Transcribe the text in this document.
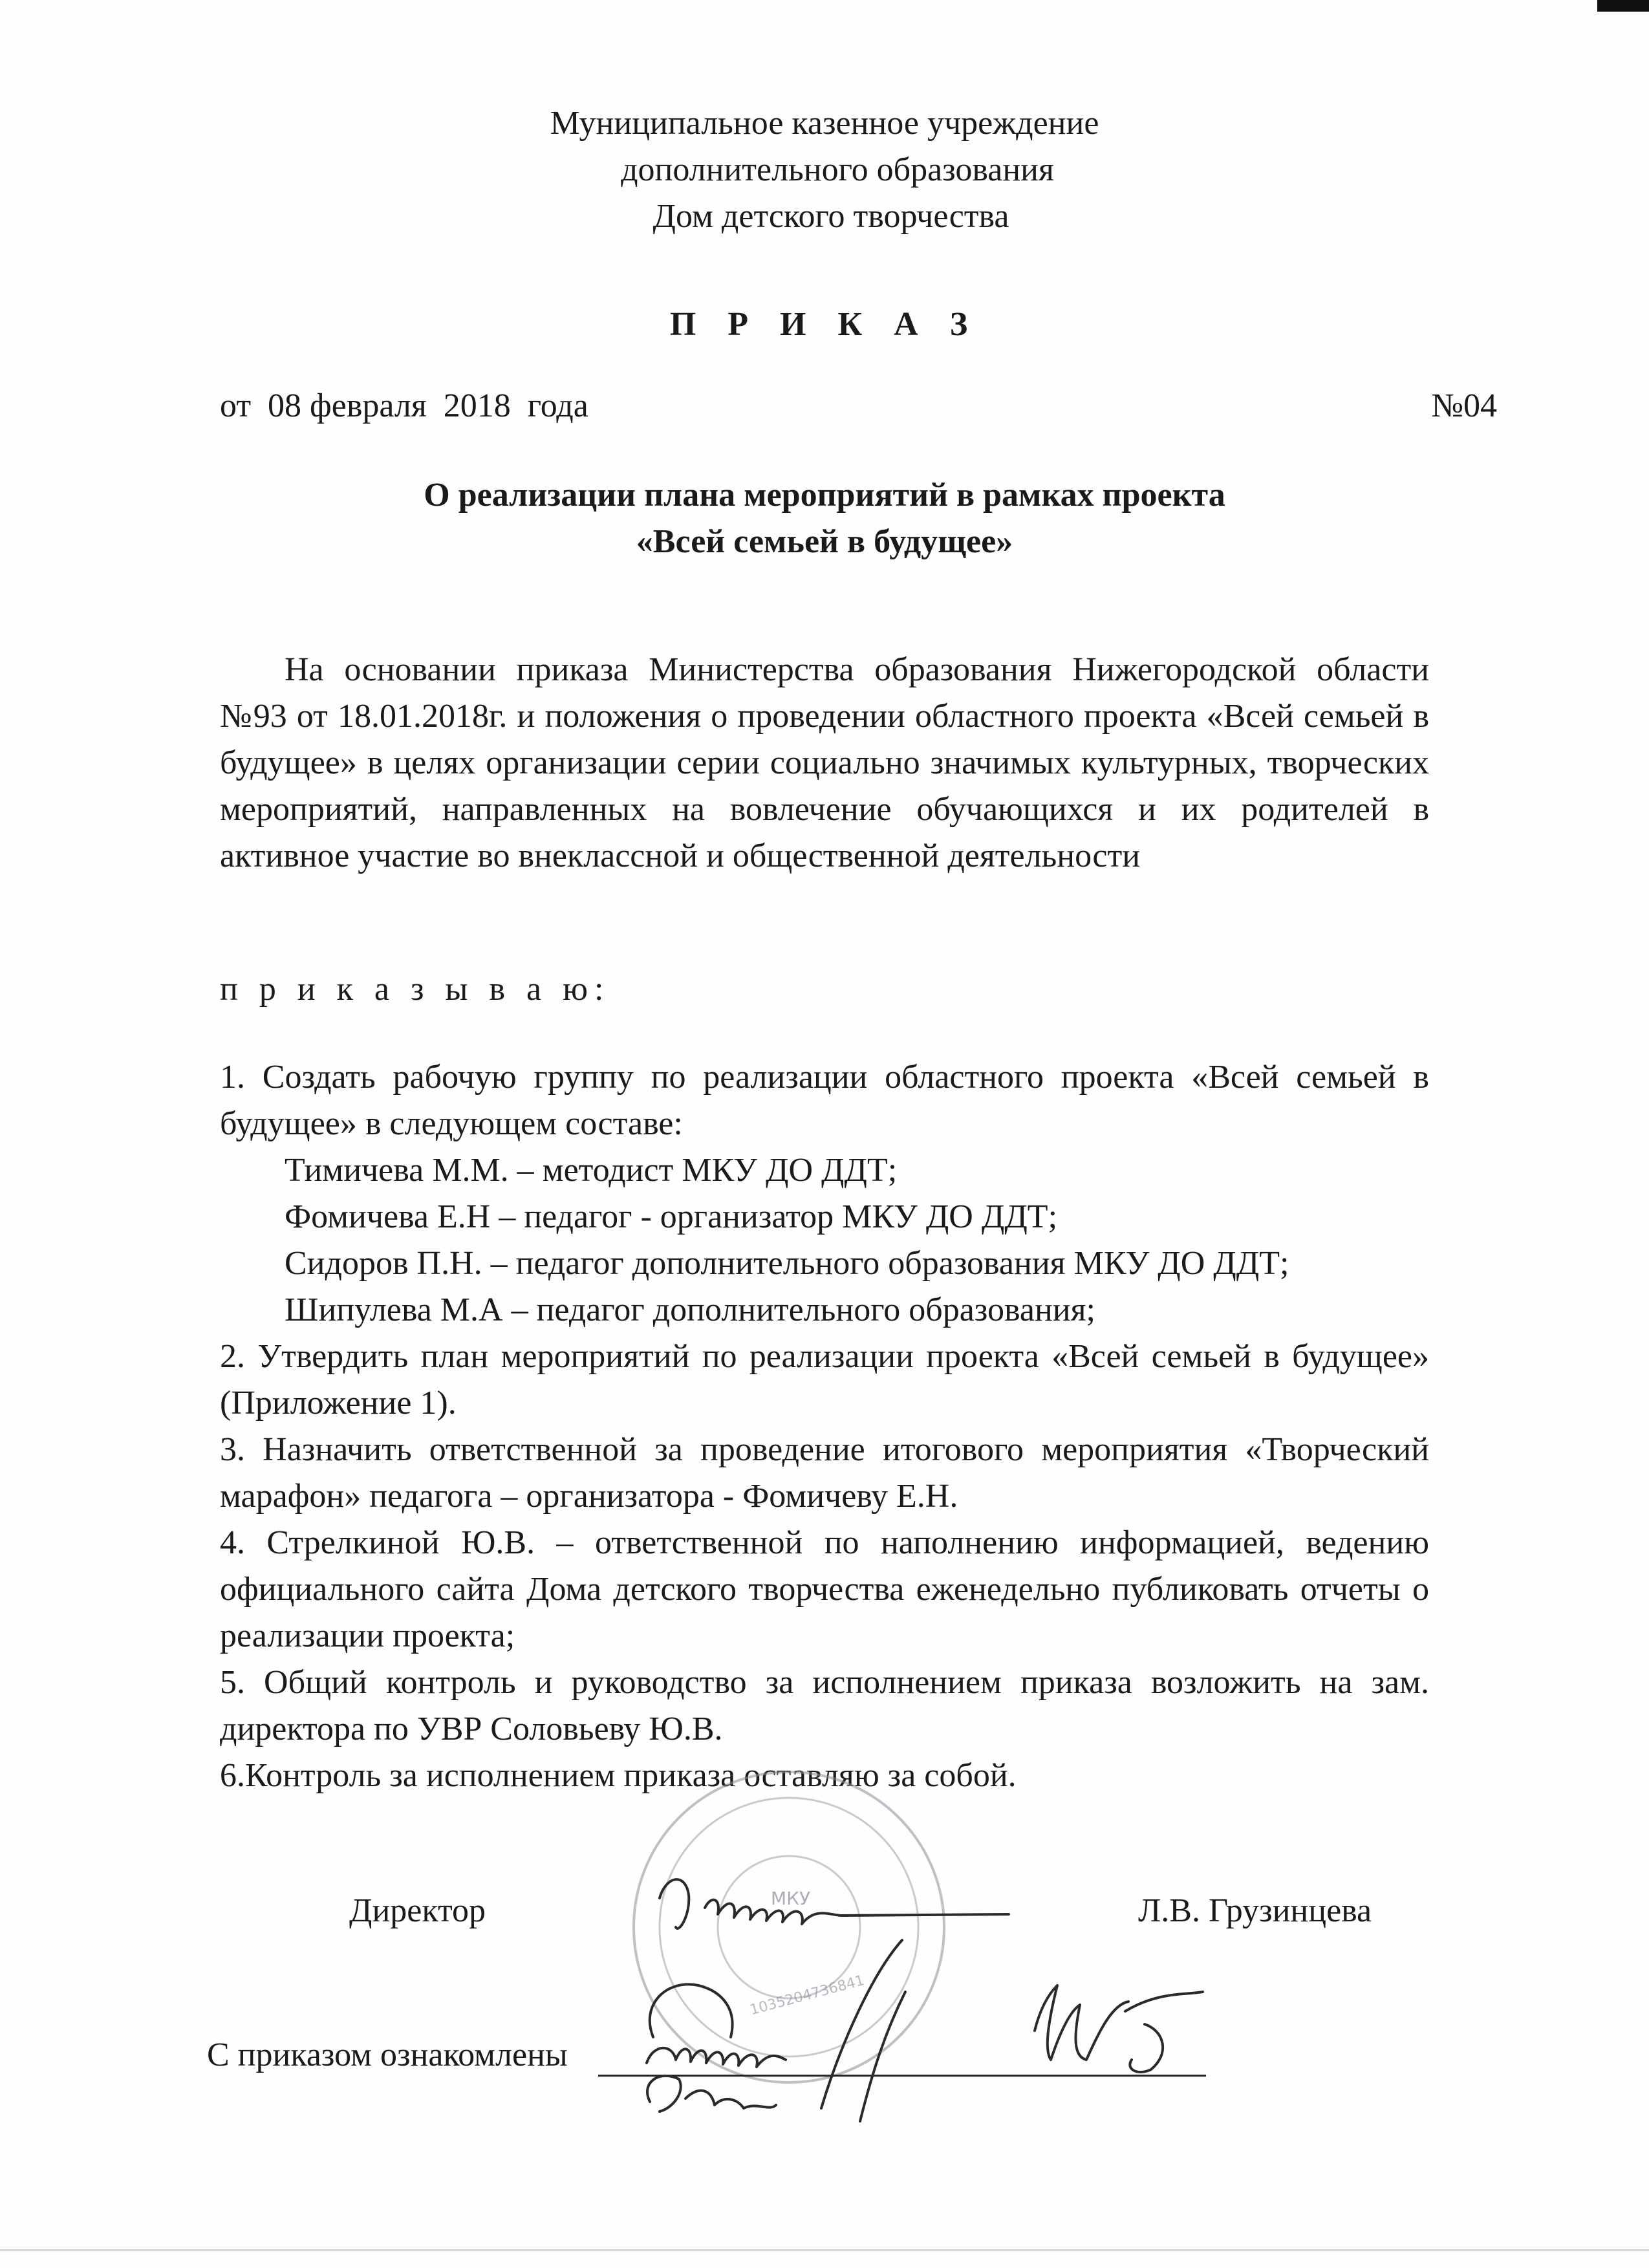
Муниципальное казенное учреждение
дополнительного образования
Дом детского творчества
П Р И К А З
от  08 февраля  2018  года	№04
О реализации плана мероприятий в рамках проекта
«Всей семьей в будущее»
На основании приказа Министерства образования Нижегородской области №93 от 18.01.2018г. и положения о проведении областного проекта «Всей семьей в будущее» в целях организации серии социально значимых культурных, творческих мероприятий, направленных на вовлечение обучающихся и их родителей в активное участие во внеклассной и общественной деятельности
п р и к а з ы в а ю:

1. Создать рабочую группу по реализации областного проекта «Всей семьей в будущее» в следующем составе:

Тимичева М.М. – методист МКУ ДО ДДТ;

Фомичева Е.Н – педагог - организатор МКУ ДО ДДТ;

Сидоров П.Н. – педагог дополнительного образования МКУ ДО ДДТ;

Шипулева М.А – педагог дополнительного образования;

2. Утвердить план мероприятий по реализации проекта «Всей семьей в будущее» (Приложение 1).

3. Назначить ответственной за проведение итогового мероприятия «Творческий марафон» педагога – организатора - Фомичеву Е.Н.

4. Стрелкиной Ю.В. – ответственной по наполнению информацией, ведению официального сайта Дома детского творчества еженедельно публиковать отчеты о реализации проекта;

5. Общий контроль и руководство за исполнением приказа возложить на зам. директора по УВР Соловьеву Ю.В.

6.Контроль за исполнением приказа оставляю за собой.

МКУ
1035204736841
Директор	Л.В. Грузинцева
С приказом ознакомлены
